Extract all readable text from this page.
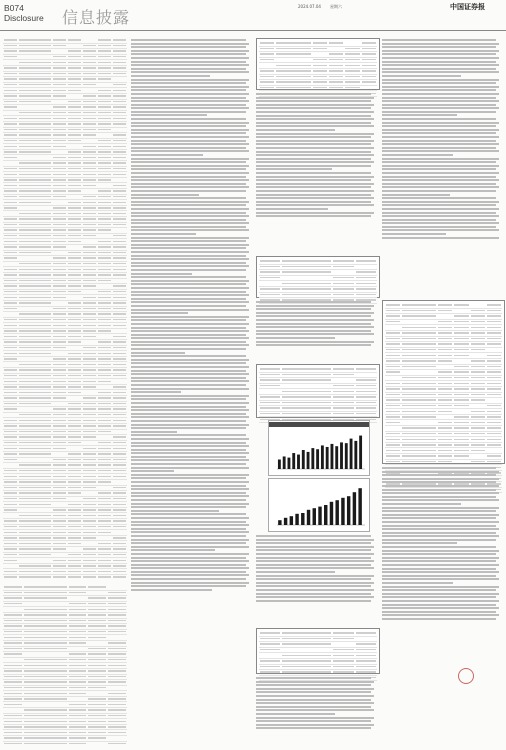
B074
Disclosure 信息披露
2024.07.04 星期六	中国证券报
